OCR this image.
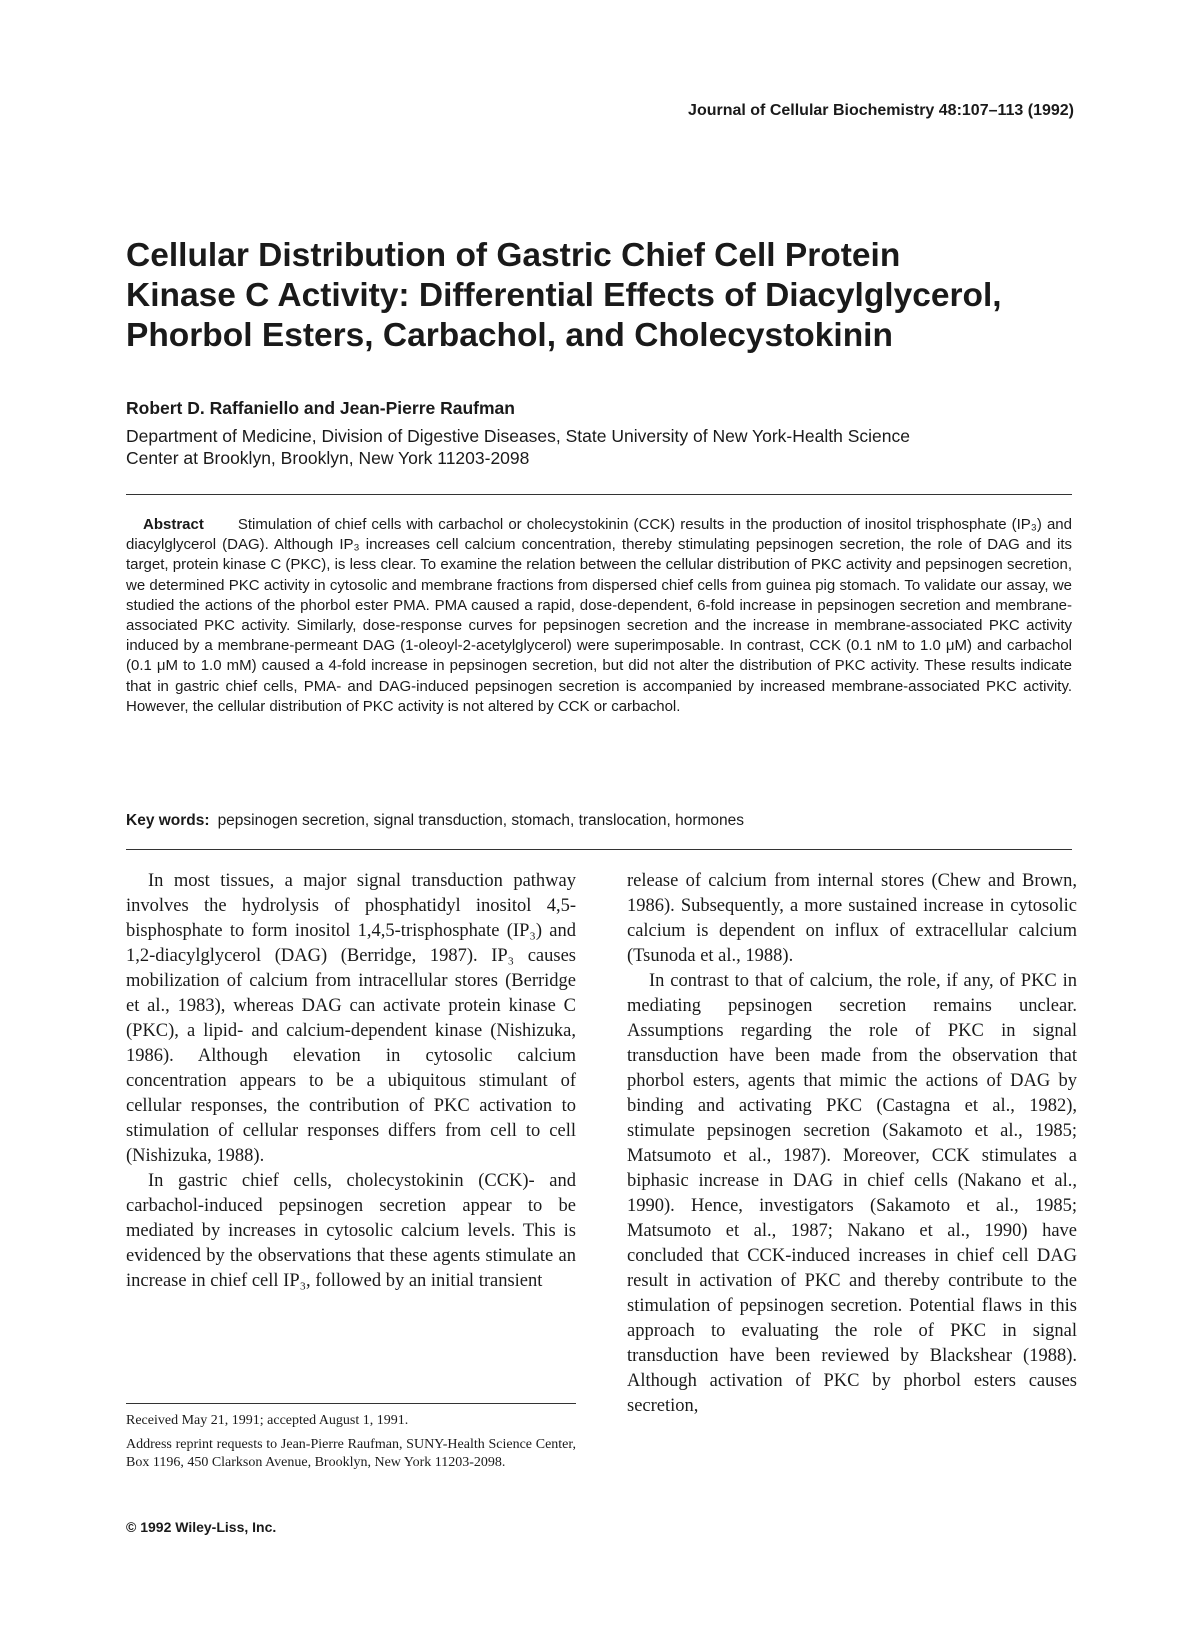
Journal of Cellular Biochemistry 48:107–113 (1992)
Cellular Distribution of Gastric Chief Cell Protein
Kinase C Activity: Differential Effects of Diacylglycerol,
Phorbol Esters, Carbachol, and Cholecystokinin
Robert D. Raffaniello and Jean-Pierre Raufman
Department of Medicine, Division of Digestive Diseases, State University of New York-Health Science
Center at Brooklyn, Brooklyn, New York 11203-2098
Abstract Stimulation of chief cells with carbachol or cholecystokinin (CCK) results in the production of inositol trisphosphate (IP₃) and diacylglycerol (DAG). Although IP₃ increases cell calcium concentration, thereby stimulating pepsinogen secretion, the role of DAG and its target, protein kinase C (PKC), is less clear. To examine the relation between the cellular distribution of PKC activity and pepsinogen secretion, we determined PKC activity in cytosolic and membrane fractions from dispersed chief cells from guinea pig stomach. To validate our assay, we studied the actions of the phorbol ester PMA. PMA caused a rapid, dose-dependent, 6-fold increase in pepsinogen secretion and membrane-associated PKC activity. Similarly, dose-response curves for pepsinogen secretion and the increase in membrane-associated PKC activity induced by a membrane-permeant DAG (1-oleoyl-2-acetylglycerol) were superimposable. In contrast, CCK (0.1 nM to 1.0 μM) and carbachol (0.1 μM to 1.0 mM) caused a 4-fold increase in pepsinogen secretion, but did not alter the distribution of PKC activity. These results indicate that in gastric chief cells, PMA- and DAG-induced pepsinogen secretion is accompanied by increased membrane-associated PKC activity. However, the cellular distribution of PKC activity is not altered by CCK or carbachol.
Key words: pepsinogen secretion, signal transduction, stomach, translocation, hormones

In most tissues, a major signal transduction pathway involves the hydrolysis of phosphatidyl inositol 4,5-bisphosphate to form inositol 1,4,5-trisphosphate (IP₃) and 1,2-diacylglycerol (DAG) (Berridge, 1987). IP₃ causes mobilization of calcium from intracellular stores (Berridge et al., 1983), whereas DAG can activate protein kinase C (PKC), a lipid- and calcium-dependent kinase (Nishizuka, 1986). Although elevation in cytosolic calcium concentration appears to be a ubiquitous stimulant of cellular responses, the contribution of PKC activation to stimulation of cellular responses differs from cell to cell (Nishizuka, 1988).

In gastric chief cells, cholecystokinin (CCK)- and carbachol-induced pepsinogen secretion appear to be mediated by increases in cytosolic calcium levels. This is evidenced by the observations that these agents stimulate an increase in chief cell IP₃, followed by an initial transient

release of calcium from internal stores (Chew and Brown, 1986). Subsequently, a more sustained increase in cytosolic calcium is dependent on influx of extracellular calcium (Tsunoda et al., 1988).

In contrast to that of calcium, the role, if any, of PKC in mediating pepsinogen secretion remains unclear. Assumptions regarding the role of PKC in signal transduction have been made from the observation that phorbol esters, agents that mimic the actions of DAG by binding and activating PKC (Castagna et al., 1982), stimulate pepsinogen secretion (Sakamoto et al., 1985; Matsumoto et al., 1987). Moreover, CCK stimulates a biphasic increase in DAG in chief cells (Nakano et al., 1990). Hence, investigators (Sakamoto et al., 1985; Matsumoto et al., 1987; Nakano et al., 1990) have concluded that CCK-induced increases in chief cell DAG result in activation of PKC and thereby contribute to the stimulation of pepsinogen secretion. Potential flaws in this approach to evaluating the role of PKC in signal transduction have been reviewed by Blackshear (1988). Although activation of PKC by phorbol esters causes secretion,

Received May 21, 1991; accepted August 1, 1991.
Address reprint requests to Jean-Pierre Raufman, SUNY-Health Science Center, Box 1196, 450 Clarkson Avenue, Brooklyn, New York 11203-2098.
© 1992 Wiley-Liss, Inc.
